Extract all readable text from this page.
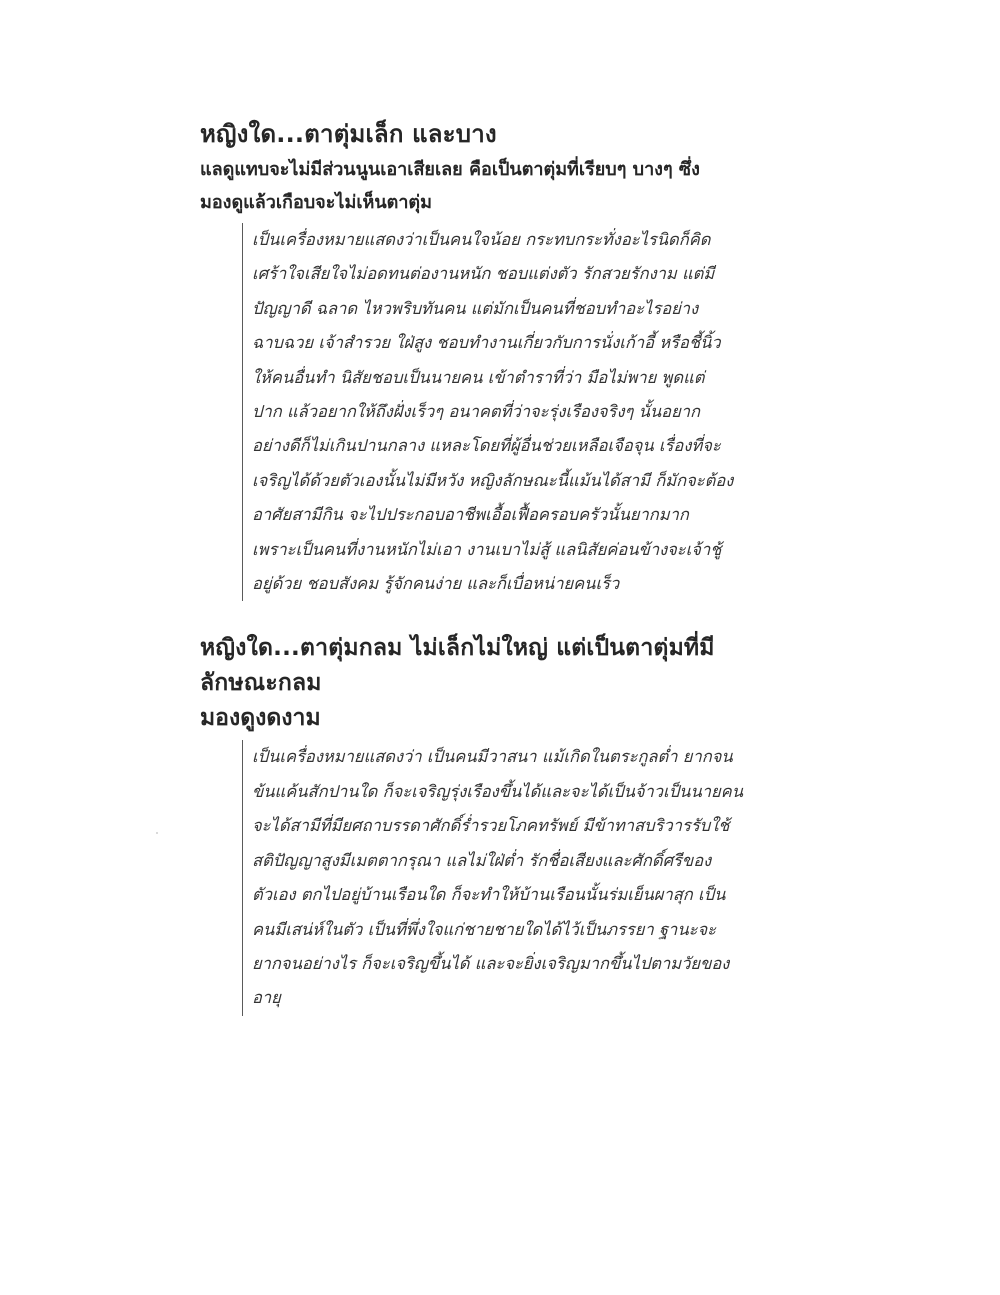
หญิงใด...ตาตุ่มเล็ก และบาง
แลดูแทบจะไม่มีส่วนนูนเอาเสียเลย คือเป็นตาตุ่มที่เรียบๆ บางๆ ซึ่ง
มองดูแล้วเกือบจะไม่เห็นตาตุ่ม

เป็นเครื่องหมายแสดงว่าเป็นคนใจน้อย กระทบกระทั่งอะไรนิดก็คิด

เศร้าใจเสียใจไม่อดทนต่องานหนัก ชอบแต่งตัว รักสวยรักงาม แต่มี

ปัญญาดี ฉลาด ไหวพริบทันคน แต่มักเป็นคนที่ชอบทำอะไรอย่าง

ฉาบฉวย เจ้าสำรวย ใฝ่สูง ชอบทำงานเกี่ยวกับการนั่งเก้าอี้ หรือชี้นิ้ว

ให้คนอื่นทำ นิสัยชอบเป็นนายคน เข้าตำราที่ว่า มือไม่พาย พูดแต่

ปาก แล้วอยากให้ถึงฝั่งเร็วๆ อนาคตที่ว่าจะรุ่งเรืองจริงๆ นั้นอยาก

อย่างดีก็ไม่เกินปานกลาง แหละโดยที่ผู้อื่นช่วยเหลือเจือจุน เรื่องที่จะ

เจริญได้ด้วยตัวเองนั้นไม่มีหวัง หญิงลักษณะนี้แม้นได้สามี ก็มักจะต้อง

อาศัยสามีกิน จะไปประกอบอาชีพเอื้อเฟื้อครอบครัวนั้นยากมาก

เพราะเป็นคนที่งานหนักไม่เอา งานเบาไม่สู้ แลนิสัยค่อนข้างจะเจ้าชู้

อยู่ด้วย ชอบสังคม รู้จักคนง่าย และก็เบื่อหน่ายคนเร็ว

หญิงใด...ตาตุ่มกลม ไม่เล็กไม่ใหญ่ แต่เป็นตาตุ่มที่มีลักษณะกลม
มองดูงดงาม

เป็นเครื่องหมายแสดงว่า เป็นคนมีวาสนา แม้เกิดในตระกูลต่ำ ยากจน

ข้นแค้นสักปานใด ก็จะเจริญรุ่งเรืองขึ้นได้และจะได้เป็นจ้าวเป็นนายคน

จะได้สามีที่มียศถาบรรดาศักดิ์ร่ำรวยโภคทรัพย์ มีข้าทาสบริวารรับใช้

สติปัญญาสูงมีเมตตากรุณา แลไม่ใฝ่ต่ำ รักชื่อเสียงและศักดิ์ศรีของ

ตัวเอง ตกไปอยู่บ้านเรือนใด ก็จะทำให้บ้านเรือนนั้นร่มเย็นผาสุก เป็น

คนมีเสน่ห์ในตัว เป็นที่พึ่งใจแก่ชายชายใดได้ไว้เป็นภรรยา ฐานะจะ

ยากจนอย่างไร ก็จะเจริญขึ้นได้ และจะยิ่งเจริญมากขึ้นไปตามวัยของ

อายุ
